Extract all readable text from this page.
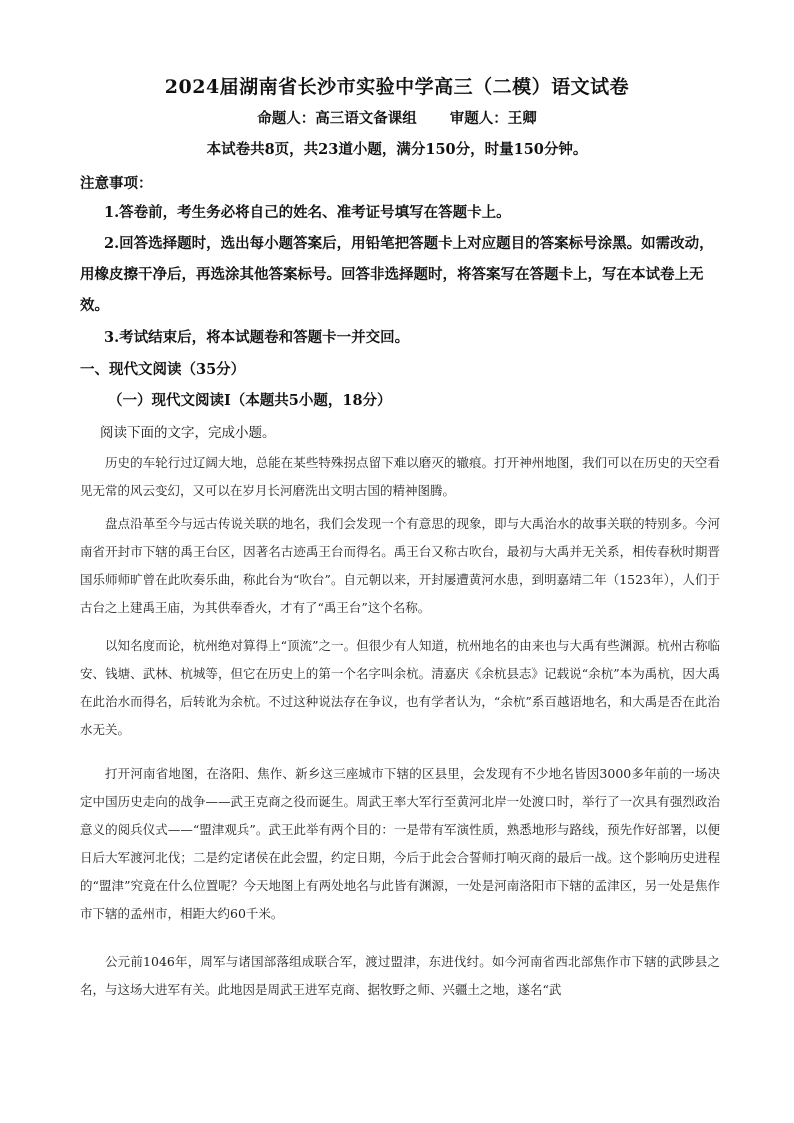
2024届湖南省长沙市实验中学高三（二模）语文试卷
命题人：高三语文备课组 审题人：王卿
本试卷共8页，共23道小题，满分150分，时量150分钟。
注意事项：
1.答卷前，考生务必将自己的姓名、准考证号填写在答题卡上。
2.回答选择题时，选出每小题答案后，用铅笔把答题卡上对应题目的答案标号涂黑。如需改动，用橡皮擦干净后，再选涂其他答案标号。回答非选择题时，将答案写在答题卡上，写在本试卷上无效。
3.考试结束后，将本试题卷和答题卡一并交回。
一、现代文阅读（35分）
（一）现代文阅读Ⅰ（本题共5小题，18分）
阅读下面的文字，完成小题。
历史的车轮行过辽阔大地，总能在某些特殊拐点留下难以磨灭的辙痕。打开神州地图，我们可以在历史的天空看见无常的风云变幻，又可以在岁月长河磨洗出文明古国的精神图腾。
盘点沿革至今与远古传说关联的地名，我们会发现一个有意思的现象，即与大禹治水的故事关联的特别多。今河南省开封市下辖的禹王台区，因著名古迹禹王台而得名。禹王台又称古吹台，最初与大禹并无关系，相传春秋时期晋国乐师师旷曾在此吹奏乐曲，称此台为“吹台”。自元朝以来，开封屡遭黄河水患，到明嘉靖二年（1523年），人们于古台之上建禹王庙，为其供奉香火，才有了“禹王台”这个名称。
以知名度而论，杭州绝对算得上“顶流”之一。但很少有人知道，杭州地名的由来也与大禹有些渊源。杭州古称临安、钱塘、武林、杭城等，但它在历史上的第一个名字叫余杭。清嘉庆《余杭县志》记载说“余杭”本为禹杭，因大禹在此治水而得名，后转讹为余杭。不过这种说法存在争议，也有学者认为，“余杭”系百越语地名，和大禹是否在此治水无关。
打开河南省地图，在洛阳、焦作、新乡这三座城市下辖的区县里，会发现有不少地名皆因3000多年前的一场决定中国历史走向的战争——武王克商之役而诞生。周武王率大军行至黄河北岸一处渡口时，举行了一次具有强烈政治意义的阅兵仪式——“盟津观兵”。武王此举有两个目的：一是带有军演性质，熟悉地形与路线，预先作好部署，以便日后大军渡河北伐；二是约定诸侯在此会盟，约定日期，今后于此会合誓师打响灭商的最后一战。这个影响历史进程的“盟津”究竟在什么位置呢？今天地图上有两处地名与此皆有渊源，一处是河南洛阳市下辖的孟津区，另一处是焦作市下辖的孟州市，相距大约60千米。
公元前1046年，周军与诸国部落组成联合军，渡过盟津，东进伐纣。如今河南省西北部焦作市下辖的武陟县之名，与这场大进军有关。此地因是周武王进军克商、据牧野之师、兴疆土之地，遂名“武
